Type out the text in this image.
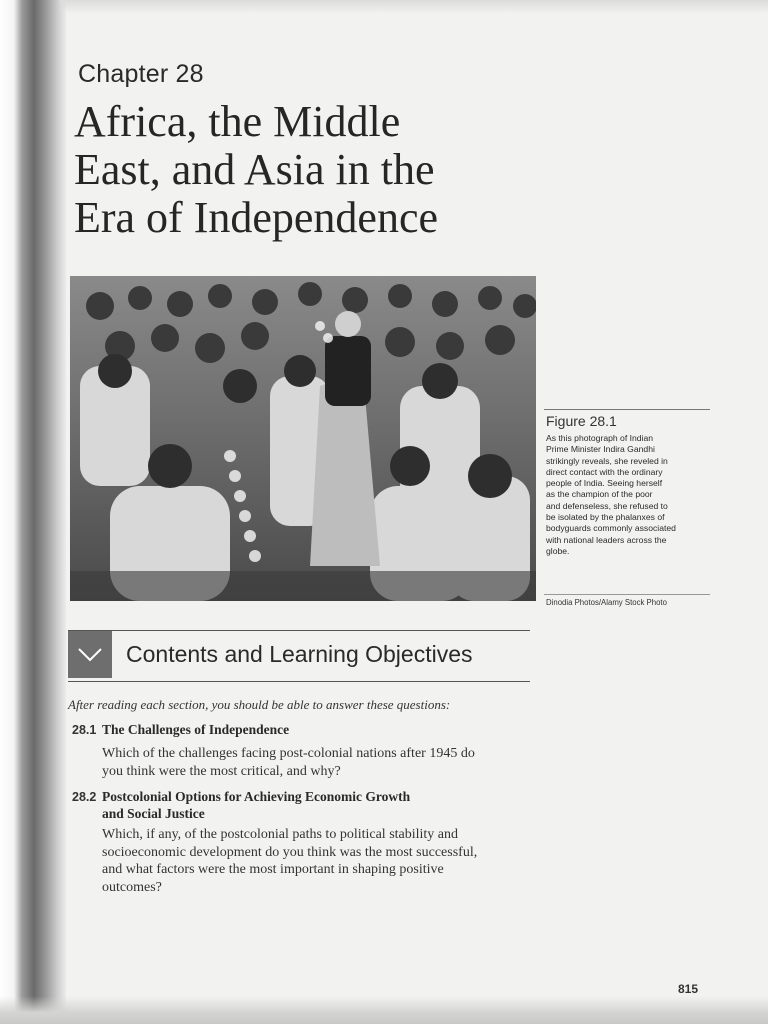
Chapter 28
Africa, the Middle
East, and Asia in the
Era of Independence
Figure 28.1
As this photograph of Indian
Prime Minister Indira Gandhi
strikingly reveals, she reveled in
direct contact with the ordinary
people of India. Seeing herself
as the champion of the poor
and defenseless, she refused to
be isolated by the phalanxes of
bodyguards commonly associated
with national leaders across the
globe.
Dinodia Photos/Alamy Stock Photo
Contents and Learning Objectives
After reading each section, you should be able to answer these questions:
28.1 The Challenges of Independence
Which of the challenges facing post-colonial nations after 1945 do
you think were the most critical, and why?
28.2 Postcolonial Options for Achieving Economic Growth
and Social Justice
Which, if any, of the postcolonial paths to political stability and
socioeconomic development do you think was the most successful,
and what factors were the most important in shaping positive
outcomes?
815
